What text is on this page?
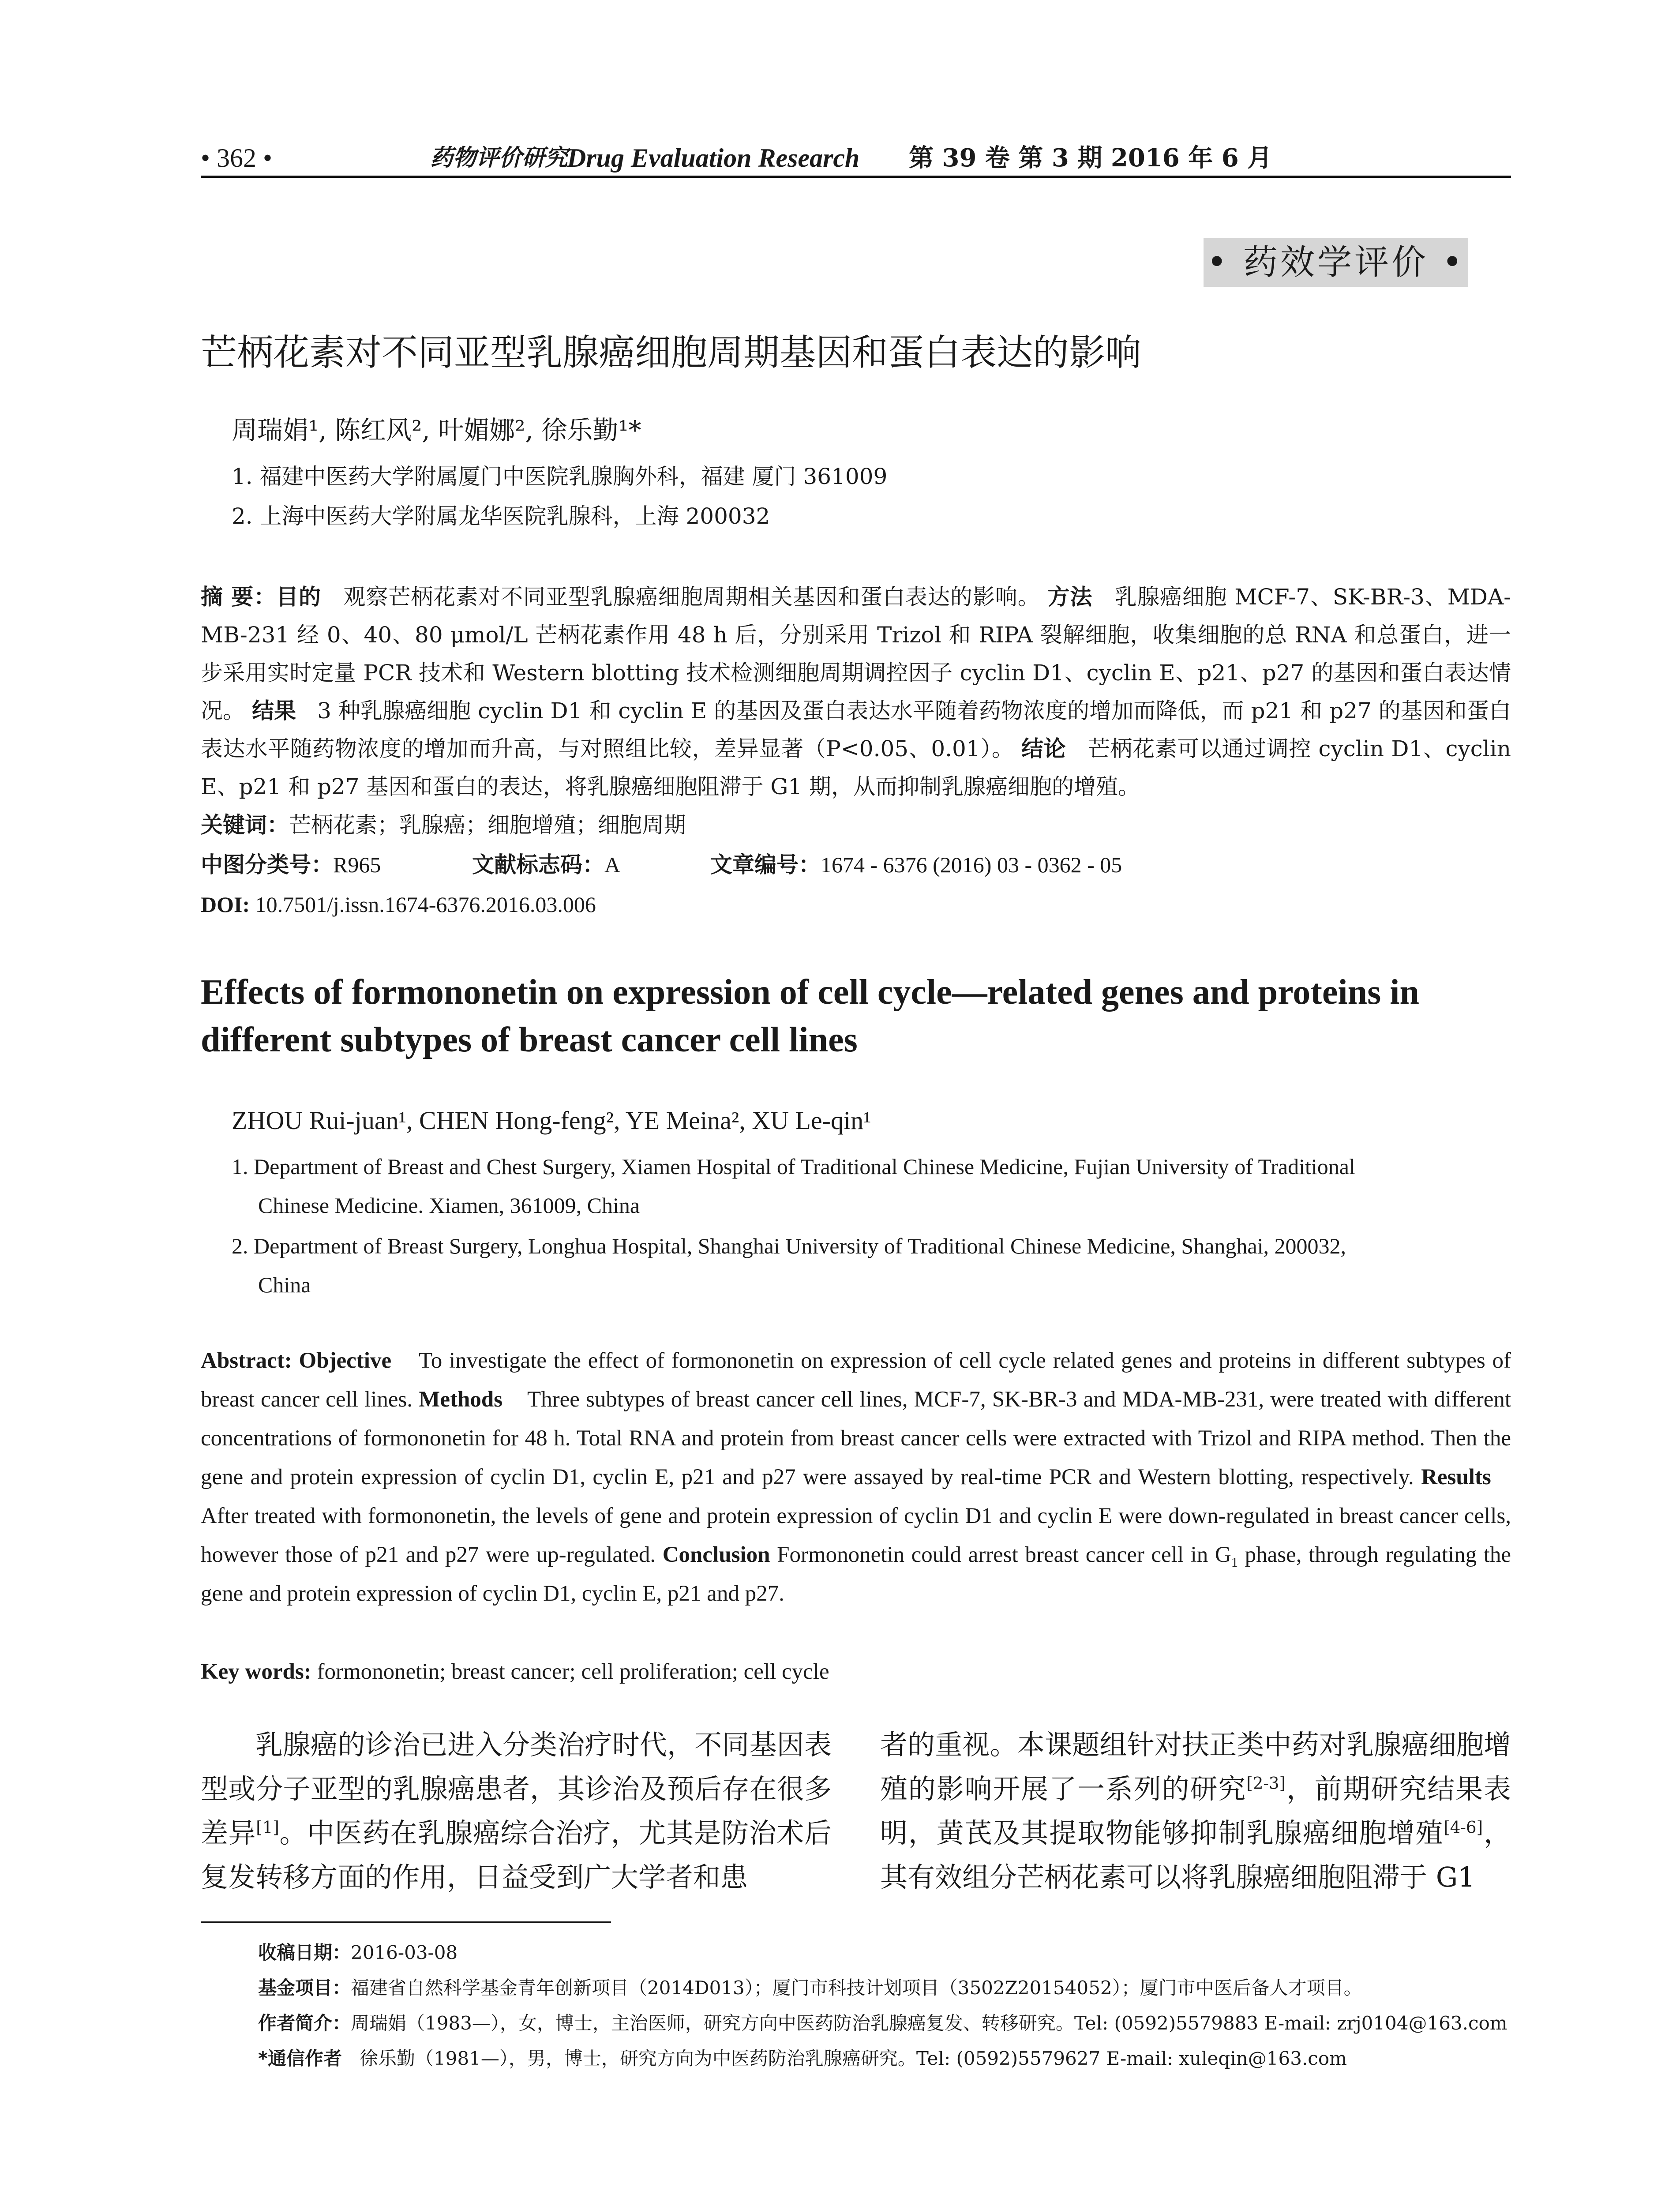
• 362 •	药物评价研究
Drug Evaluation Research 第 39 卷 第 3 期 2016 年 6 月
• 药效学评价 •
芒柄花素对不同亚型乳腺癌细胞周期基因和蛋白表达的影响
周瑞娟¹, 陈红风², 叶媚娜², 徐乐勤¹*
1. 福建中医药大学附属厦门中医院乳腺胸外科，福建 厦门 361009
2. 上海中医药大学附属龙华医院乳腺科，上海 200032
摘 要：目的 观察芒柄花素对不同亚型乳腺癌细胞周期相关基因和蛋白表达的影响。 方法 乳腺癌细胞 MCF-7、SK-BR-3、MDA-MB-231 经 0、40、80 μmol/L 芒柄花素作用 48 h 后，分别采用 Trizol 和 RIPA 裂解细胞，收集细胞的总 RNA 和总蛋白，进一步采用实时定量 PCR 技术和 Western blotting 技术检测细胞周期调控因子 cyclin D1、cyclin E、p21、p27 的基因和蛋白表达情况。 结果 3 种乳腺癌细胞 cyclin D1 和 cyclin E 的基因及蛋白表达水平随着药物浓度的增加而降低，而 p21 和 p27 的基因和蛋白表达水平随药物浓度的增加而升高，与对照组比较，差异显著（P<0.05、0.01）。 结论 芒柄花素可以通过调控 cyclin D1、cyclin E、p21 和 p27 基因和蛋白的表达，将乳腺癌细胞阻滞于 G1 期，从而抑制乳腺癌细胞的增殖。
关键词：芒柄花素；乳腺癌；细胞增殖；细胞周期
中图分类号：R965	文献标志码：A	文章编号：1674 - 6376 (2016) 03 - 0362 - 05
DOI: 10.7501/j.issn.1674-6376.2016.03.006
Effects of formononetin on expression of cell cycle—related genes and proteins in different subtypes of breast cancer cell lines
ZHOU Rui-juan¹, CHEN Hong-feng², YE Meina², XU Le-qin¹
1. Department of Breast and Chest Surgery, Xiamen Hospital of Traditional Chinese Medicine, Fujian University of Traditional
Chinese Medicine. Xiamen, 361009, China
2. Department of Breast Surgery, Longhua Hospital, Shanghai University of Traditional Chinese Medicine, Shanghai, 200032,
China
Abstract: Objective To investigate the effect of formononetin on expression of cell cycle related genes and proteins in different subtypes of breast cancer cell lines. Methods Three subtypes of breast cancer cell lines, MCF-7, SK-BR-3 and MDA-MB-231, were treated with different concentrations of formononetin for 48 h. Total RNA and protein from breast cancer cells were extracted with Trizol and RIPA method. Then the gene and protein expression of cyclin D1, cyclin E, p21 and p27 were assayed by real-time PCR and Western blotting, respectively. Results    After treated with formononetin, the levels of gene and protein expression of cyclin D1 and cyclin E were down-regulated in breast cancer cells, however those of p21 and p27 were up-regulated. Conclusion Formononetin could arrest breast cancer cell in $G_1$ phase, through regulating the gene and protein expression of cyclin D1, cyclin E, p21 and p27.
Key words: formononetin; breast cancer; cell proliferation; cell cycle
乳腺癌的诊治已进入分类治疗时代，不同基因表型或分子亚型的乳腺癌患者，其诊治及预后存在很多差异[1]。中医药在乳腺癌综合治疗，尤其是防治术后复发转移方面的作用，日益受到广大学者和患
者的重视。本课题组针对扶正类中药对乳腺癌细胞增殖的影响开展了一系列的研究[2-3]，前期研究结果表明，黄芪及其提取物能够抑制乳腺癌细胞增殖[4-6]，其有效组分芒柄花素可以将乳腺癌细胞阻滞于 G1
收稿日期：2016-03-08
基金项目：福建省自然科学基金青年创新项目（2014D013）；厦门市科技计划项目（3502Z20154052）；厦门市中医后备人才项目。
作者简介：周瑞娟（1983—），女，博士，主治医师，研究方向中医药防治乳腺癌复发、转移研究。Tel: (0592)5579883 E-mail: zrj0104@163.com
*通信作者 徐乐勤（1981—），男，博士，研究方向为中医药防治乳腺癌研究。Tel: (0592)5579627 E-mail: xuleqin@163.com
